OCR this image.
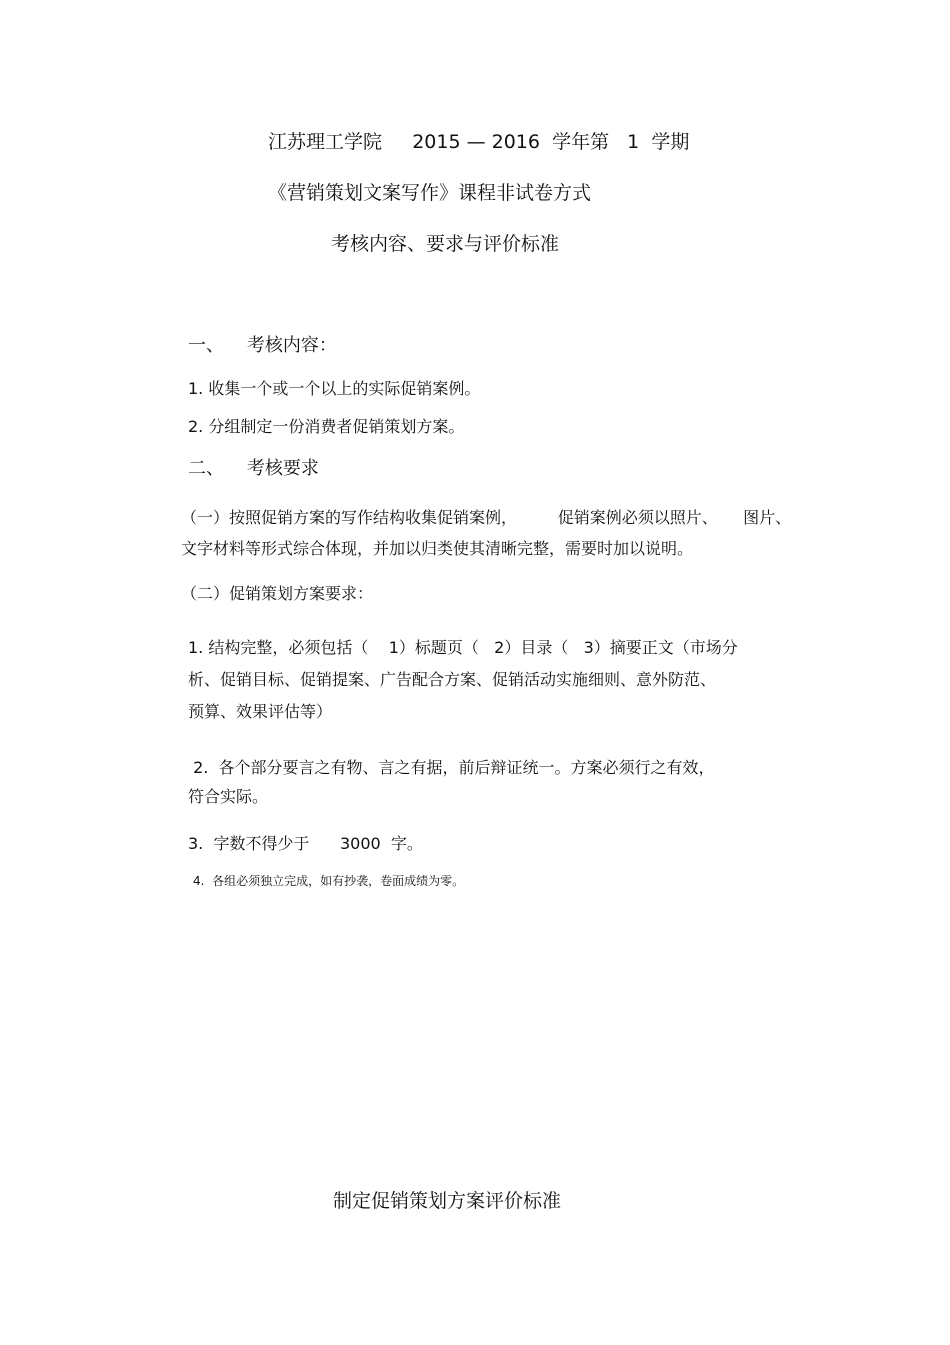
江苏理工学院     2015 — 2016  学年第   1  学期
《营销策划文案写作》课程非试卷方式
考核内容、要求与评价标准
一、    考核内容：
1. 收集一个或一个以上的实际促销案例。
2. 分组制定一份消费者促销策划方案。
二、    考核要求
（一）按照促销方案的写作结构收集促销案例，        促销案例必须以照片、     图片、
文字材料等形式综合体现，并加以归类使其清晰完整，需要时加以说明。
（二）促销策划方案要求：
1. 结构完整，必须包括（    1）标题页（   2）目录（   3）摘要正文（市场分
析、促销目标、促销提案、广告配合方案、促销活动实施细则、意外防范、
预算、效果评估等）
2.  各个部分要言之有物、言之有据，前后辩证统一。方案必须行之有效，
符合实际。
3.  字数不得少于      3000  字。
4.  各组必须独立完成，如有抄袭，卷面成绩为零。
制定促销策划方案评价标准
